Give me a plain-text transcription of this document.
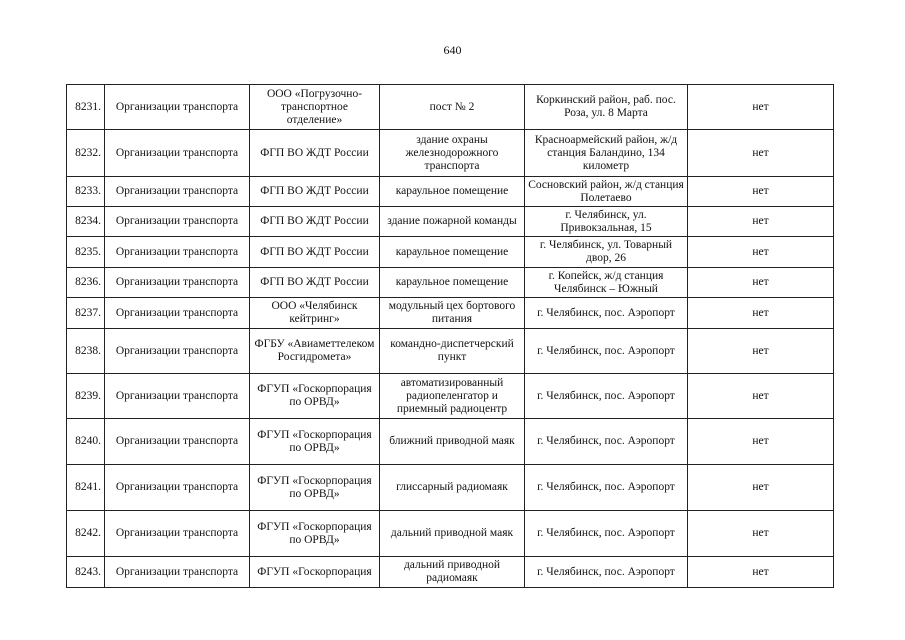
640
8231.	Организации транспорта	ООО «Погрузочно-транспортное отделение»	пост № 2	Коркинский район, раб. пос. Роза, ул. 8 Марта	нет
8232.	Организации транспорта	ФГП ВО ЖДТ России	здание охраны железнодорожного транспорта	Красноармейский район, ж/д станция Баландино, 134 километр	нет
8233.	Организации транспорта	ФГП ВО ЖДТ России	караульное помещение	Сосновский район, ж/д станция Полетаево	нет
8234.	Организации транспорта	ФГП ВО ЖДТ России	здание пожарной команды	г. Челябинск, ул. Привокзальная, 15	нет
8235.	Организации транспорта	ФГП ВО ЖДТ России	караульное помещение	г. Челябинск, ул. Товарный двор, 26	нет
8236.	Организации транспорта	ФГП ВО ЖДТ России	караульное помещение	г. Копейск, ж/д станция Челябинск – Южный	нет
8237.	Организации транспорта	ООО «Челябинск кейтринг»	модульный цех бортового питания	г. Челябинск, пос. Аэропорт	нет
8238.	Организации транспорта	ФГБУ «Авиаметтелеком Росгидромета»	командно-диспетчерский пункт	г. Челябинск, пос. Аэропорт	нет
8239.	Организации транспорта	ФГУП «Госкорпорация по ОРВД»	автоматизированный радиопеленгатор и приемный радиоцентр	г. Челябинск, пос. Аэропорт	нет
8240.	Организации транспорта	ФГУП «Госкорпорация по ОРВД»	ближний приводной маяк	г. Челябинск, пос. Аэропорт	нет
8241.	Организации транспорта	ФГУП «Госкорпорация по ОРВД»	глиссарный радиомаяк	г. Челябинск, пос. Аэропорт	нет
8242.	Организации транспорта	ФГУП «Госкорпорация по ОРВД»	дальний приводной маяк	г. Челябинск, пос. Аэропорт	нет
8243.	Организации транспорта	ФГУП «Госкорпорация	дальний приводной радиомаяк	г. Челябинск, пос. Аэропорт	нет
